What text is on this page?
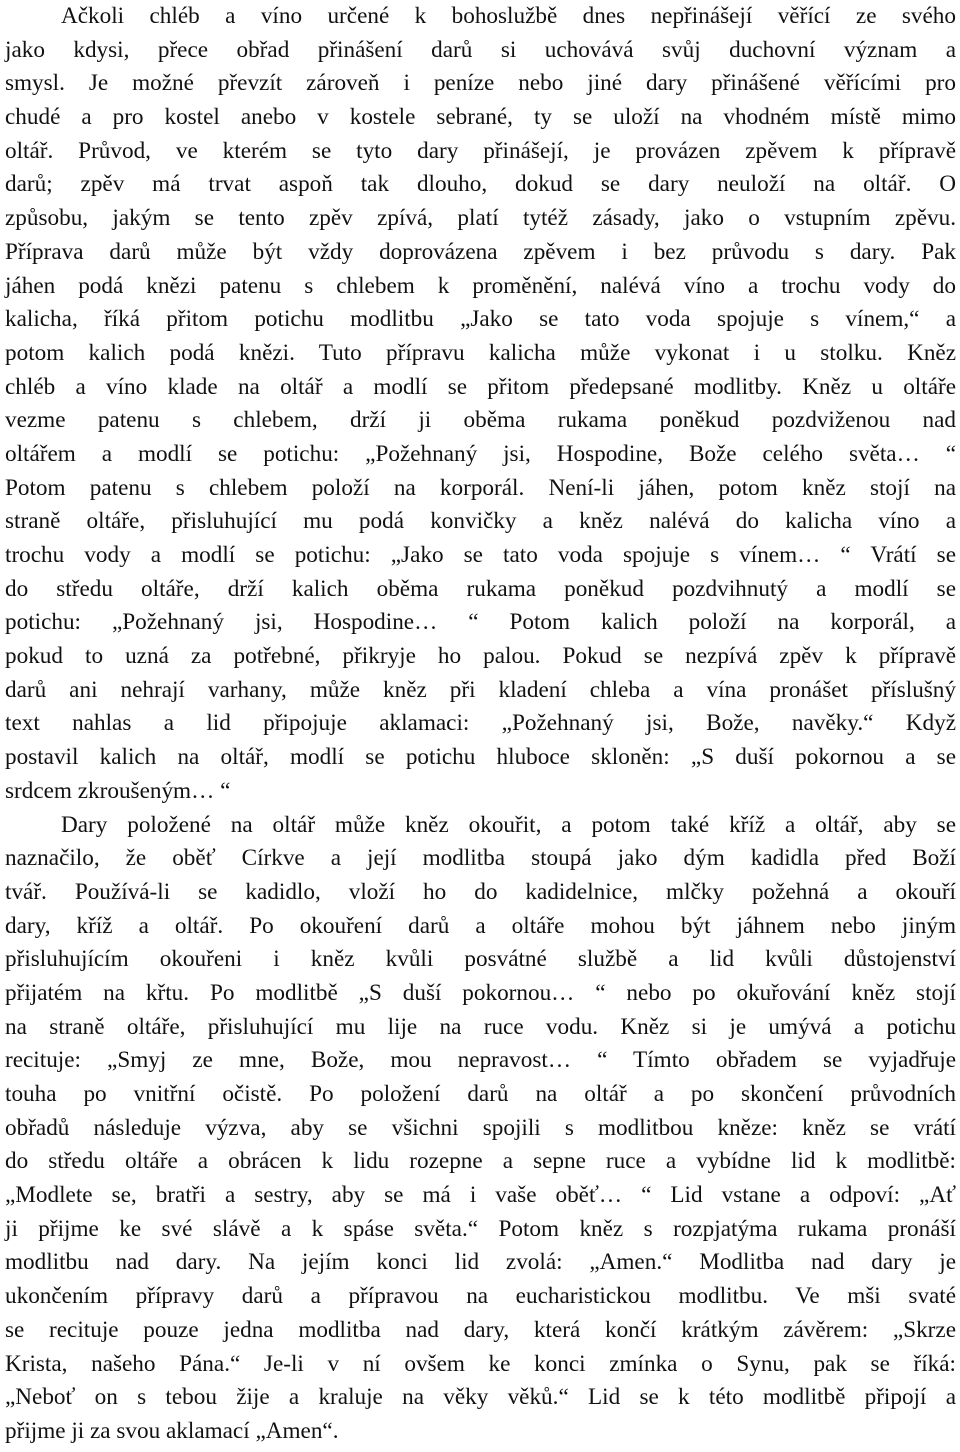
Ačkoli chléb a víno určené k bohoslužbě dnes nepřinášejí věřící ze svého
jako kdysi, přece obřad přinášení darů si uchovává svůj duchovní význam a
smysl. Je možné převzít zároveň i peníze nebo jiné dary přinášené věřícími pro
chudé a pro kostel anebo v kostele sebrané, ty se uloží na vhodném místě mimo
oltář. Průvod, ve kterém se tyto dary přinášejí, je provázen zpěvem k přípravě
darů; zpěv má trvat aspoň tak dlouho, dokud se dary neuloží na oltář. O
způsobu, jakým se tento zpěv zpívá, platí tytéž zásady, jako o vstupním zpěvu.
Příprava darů může být vždy doprovázena zpěvem i bez průvodu s dary. Pak
jáhen podá knězi patenu s chlebem k proměnění, nalévá víno a trochu vody do
kalicha, říká přitom potichu modlitbu „Jako se tato voda spojuje s vínem,“ a
potom kalich podá knězi. Tuto přípravu kalicha může vykonat i u stolku. Kněz
chléb a víno klade na oltář a modlí se přitom předepsané modlitby. Kněz u oltáře
vezme patenu s chlebem, drží ji oběma rukama poněkud pozdviženou nad
oltářem a modlí se potichu: „Požehnaný jsi, Hospodine, Bože celého světa… “
Potom patenu s chlebem položí na korporál. Není-li jáhen, potom kněz stojí na
straně oltáře, přisluhující mu podá konvičky a kněz nalévá do kalicha víno a
trochu vody a modlí se potichu: „Jako se tato voda spojuje s vínem… “ Vrátí se
do středu oltáře, drží kalich oběma rukama poněkud pozdvihnutý a modlí se
potichu: „Požehnaný jsi, Hospodine… “ Potom kalich položí na korporál, a
pokud to uzná za potřebné, přikryje ho palou. Pokud se nezpívá zpěv k přípravě
darů ani nehrají varhany, může kněz při kladení chleba a vína pronášet příslušný
text nahlas a lid připojuje aklamaci: „Požehnaný jsi, Bože, navěky.“ Když
postavil kalich na oltář, modlí se potichu hluboce skloněn: „S duší pokornou a se
srdcem zkroušeným… “
Dary položené na oltář může kněz okouřit, a potom také kříž a oltář, aby se
naznačilo, že oběť Církve a její modlitba stoupá jako dým kadidla před Boží
tvář. Používá-li se kadidlo, vloží ho do kadidelnice, mlčky požehná a okouří
dary, kříž a oltář. Po okouření darů a oltáře mohou být jáhnem nebo jiným
přisluhujícím okouřeni i kněz kvůli posvátné službě a lid kvůli důstojenství
přijatém na křtu. Po modlitbě „S duší pokornou… “ nebo po okuřování kněz stojí
na straně oltáře, přisluhující mu lije na ruce vodu. Kněz si je umývá a potichu
recituje: „Smyj ze mne, Bože, mou nepravost… “ Tímto obřadem se vyjadřuje
touha po vnitřní očistě. Po položení darů na oltář a po skončení průvodních
obřadů následuje výzva, aby se všichni spojili s modlitbou kněze: kněz se vrátí
do středu oltáře a obrácen k lidu rozepne a sepne ruce a vybídne lid k modlitbě:
„Modlete se, bratři a sestry, aby se má i vaše oběť… “ Lid vstane a odpoví: „Ať
ji přijme ke své slávě a k spáse světa.“ Potom kněz s rozpjatýma rukama pronáší
modlitbu nad dary. Na jejím konci lid zvolá: „Amen.“ Modlitba nad dary je
ukončením přípravy darů a přípravou na eucharistickou modlitbu. Ve mši svaté
se recituje pouze jedna modlitba nad dary, která končí krátkým závěrem: „Skrze
Krista, našeho Pána.“ Je-li v ní ovšem ke konci zmínka o Synu, pak se říká:
„Neboť on s tebou žije a kraluje na věky věků.“ Lid se k této modlitbě připojí a
přijme ji za svou aklamací „Amen“.
